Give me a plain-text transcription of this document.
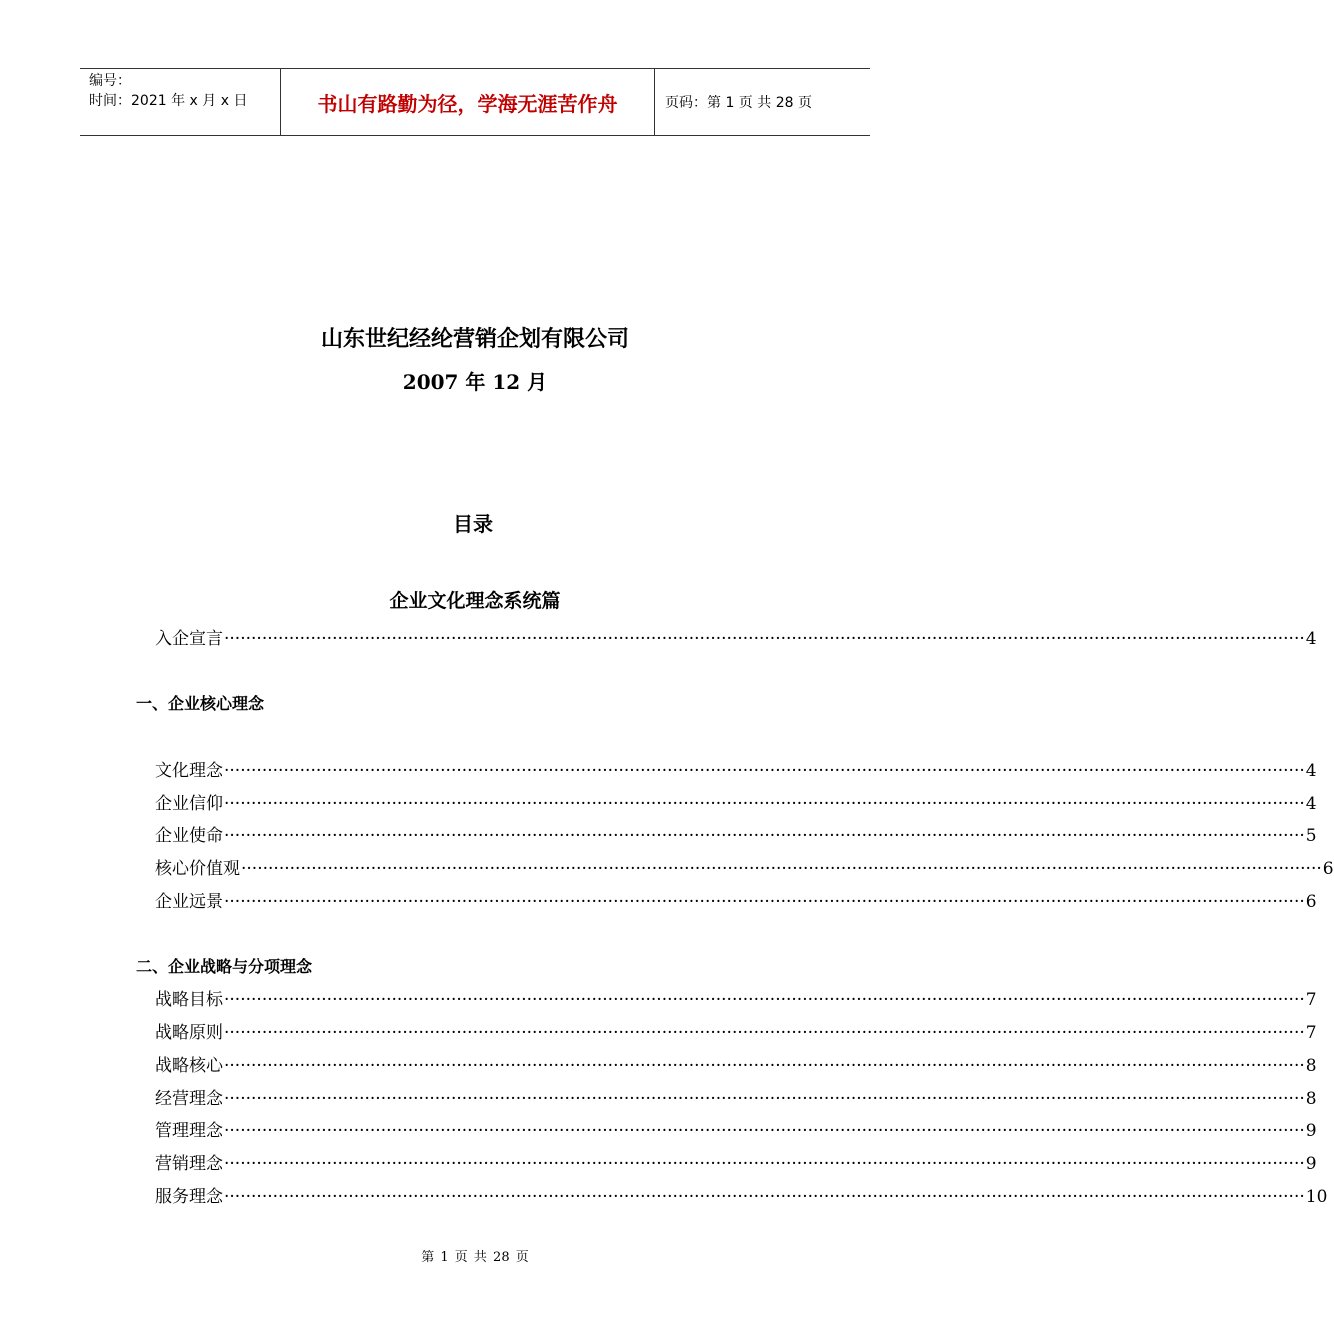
编号：
时间：2021 年 x 月 x 日	书山有路勤为径，学海无涯苦作舟	页码：第 1 页 共 28 页
山东世纪经纶营销企划有限公司
2007 年 12 月
目录
企业文化理念系统篇
入企宣言 ········································································································································································································ 4
一、企业核心理念
文化理念 ········································································································································································································ 4
企业信仰 ········································································································································································································ 4
企业使命 ········································································································································································································ 5
核心价值观 ········································································································································································································ 6
企业远景 ········································································································································································································ 6
二、企业战略与分项理念
战略目标 ········································································································································································································ 7
战略原则 ········································································································································································································ 7
战略核心 ········································································································································································································ 8
经营理念 ········································································································································································································ 8
管理理念 ········································································································································································································ 9
营销理念 ········································································································································································································ 9
服务理念 ········································································································································································································ 10
第 1 页 共 28 页
